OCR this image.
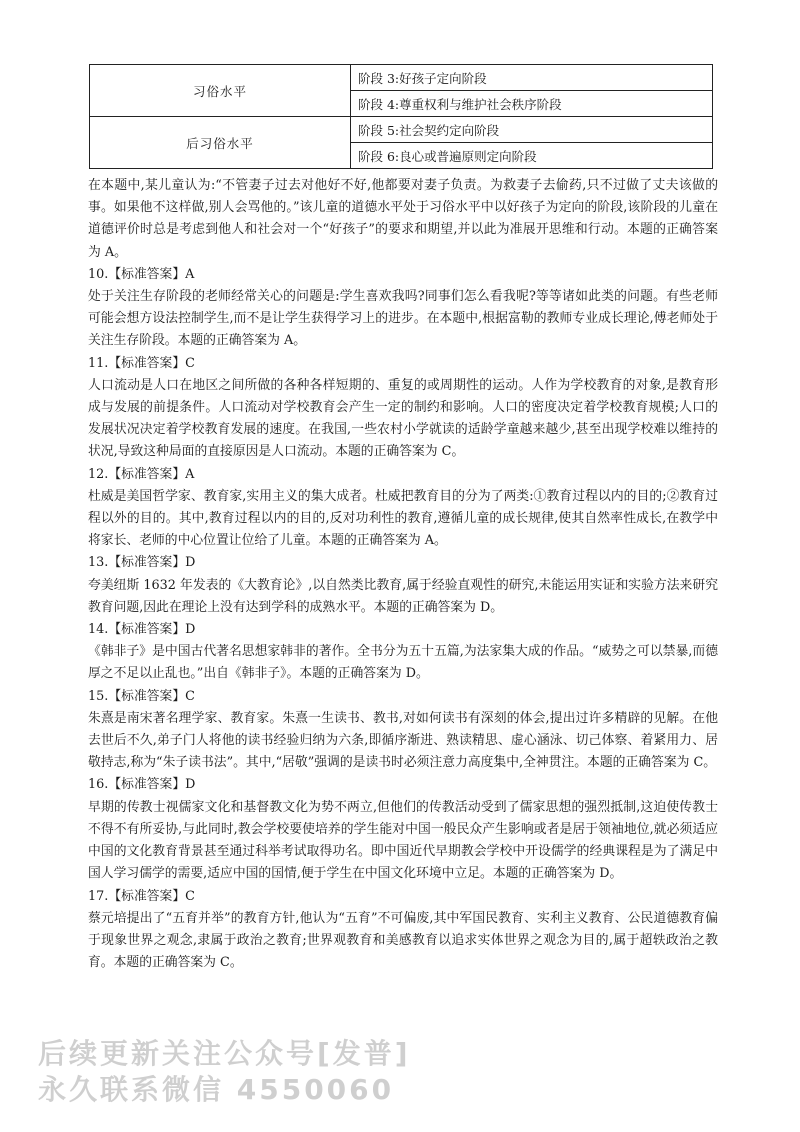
习俗水平	阶段 3:好孩子定向阶段
	阶段 4:尊重权利与维护社会秩序阶段
后习俗水平	阶段 5:社会契约定向阶段
	阶段 6:良心或普遍原则定向阶段

在本题中,某儿童认为:“不管妻子过去对他好不好,他都要对妻子负责。为救妻子去偷药,只不过做了丈夫该做的事。如果他不这样做,别人会骂他的。”该儿童的道德水平处于习俗水平中以好孩子为定向的阶段,该阶段的儿童在道德评价时总是考虑到他人和社会对一个“好孩子”的要求和期望,并以此为准展开思维和行动。本题的正确答案为 A。

10.【标准答案】A

处于关注生存阶段的老师经常关心的问题是:学生喜欢我吗?同事们怎么看我呢?等等诸如此类的问题。有些老师可能会想方设法控制学生,而不是让学生获得学习上的进步。在本题中,根据富勒的教师专业成长理论,傅老师处于关注生存阶段。本题的正确答案为 A。

11.【标准答案】C

人口流动是人口在地区之间所做的各种各样短期的、重复的或周期性的运动。人作为学校教育的对象,是教育形成与发展的前提条件。人口流动对学校教育会产生一定的制约和影响。人口的密度决定着学校教育规模;人口的发展状况决定着学校教育发展的速度。在我国,一些农村小学就读的适龄学童越来越少,甚至出现学校难以维持的状况,导致这种局面的直接原因是人口流动。本题的正确答案为 C。

12.【标准答案】A

杜威是美国哲学家、教育家,实用主义的集大成者。杜威把教育目的分为了两类:①教育过程以内的目的;②教育过程以外的目的。其中,教育过程以内的目的,反对功利性的教育,遵循儿童的成长规律,使其自然率性成长,在教学中将家长、老师的中心位置让位给了儿童。本题的正确答案为 A。

13.【标准答案】D

夸美纽斯 1632 年发表的《大教育论》,以自然类比教育,属于经验直观性的研究,未能运用实证和实验方法来研究教育问题,因此在理论上没有达到学科的成熟水平。本题的正确答案为 D。

14.【标准答案】D

《韩非子》是中国古代著名思想家韩非的著作。全书分为五十五篇,为法家集大成的作品。“威势之可以禁暴,而德厚之不足以止乱也。”出自《韩非子》。本题的正确答案为 D。

15.【标准答案】C

朱熹是南宋著名理学家、教育家。朱熹一生读书、教书,对如何读书有深刻的体会,提出过许多精辟的见解。在他去世后不久,弟子门人将他的读书经验归纳为六条,即循序渐进、熟读精思、虚心涵泳、切己体察、着紧用力、居敬持志,称为“朱子读书法”。其中,“居敬”强调的是读书时必须注意力高度集中,全神贯注。本题的正确答案为 C。

16.【标准答案】D

早期的传教士视儒家文化和基督教文化为势不两立,但他们的传教活动受到了儒家思想的强烈抵制,这迫使传教士不得不有所妥协,与此同时,教会学校要使培养的学生能对中国一般民众产生影响或者是居于领袖地位,就必须适应中国的文化教育背景甚至通过科举考试取得功名。即中国近代早期教会学校中开设儒学的经典课程是为了满足中国人学习儒学的需要,适应中国的国情,便于学生在中国文化环境中立足。本题的正确答案为 D。

17.【标准答案】C

蔡元培提出了“五育并举”的教育方针,他认为“五育”不可偏废,其中军国民教育、实利主义教育、公民道德教育偏于现象世界之观念,隶属于政治之教育;世界观教育和美感教育以追求实体世界之观念为目的,属于超轶政治之教育。本题的正确答案为 C。

后续更新关注公众号[发普]
永久联系微信 4550060
